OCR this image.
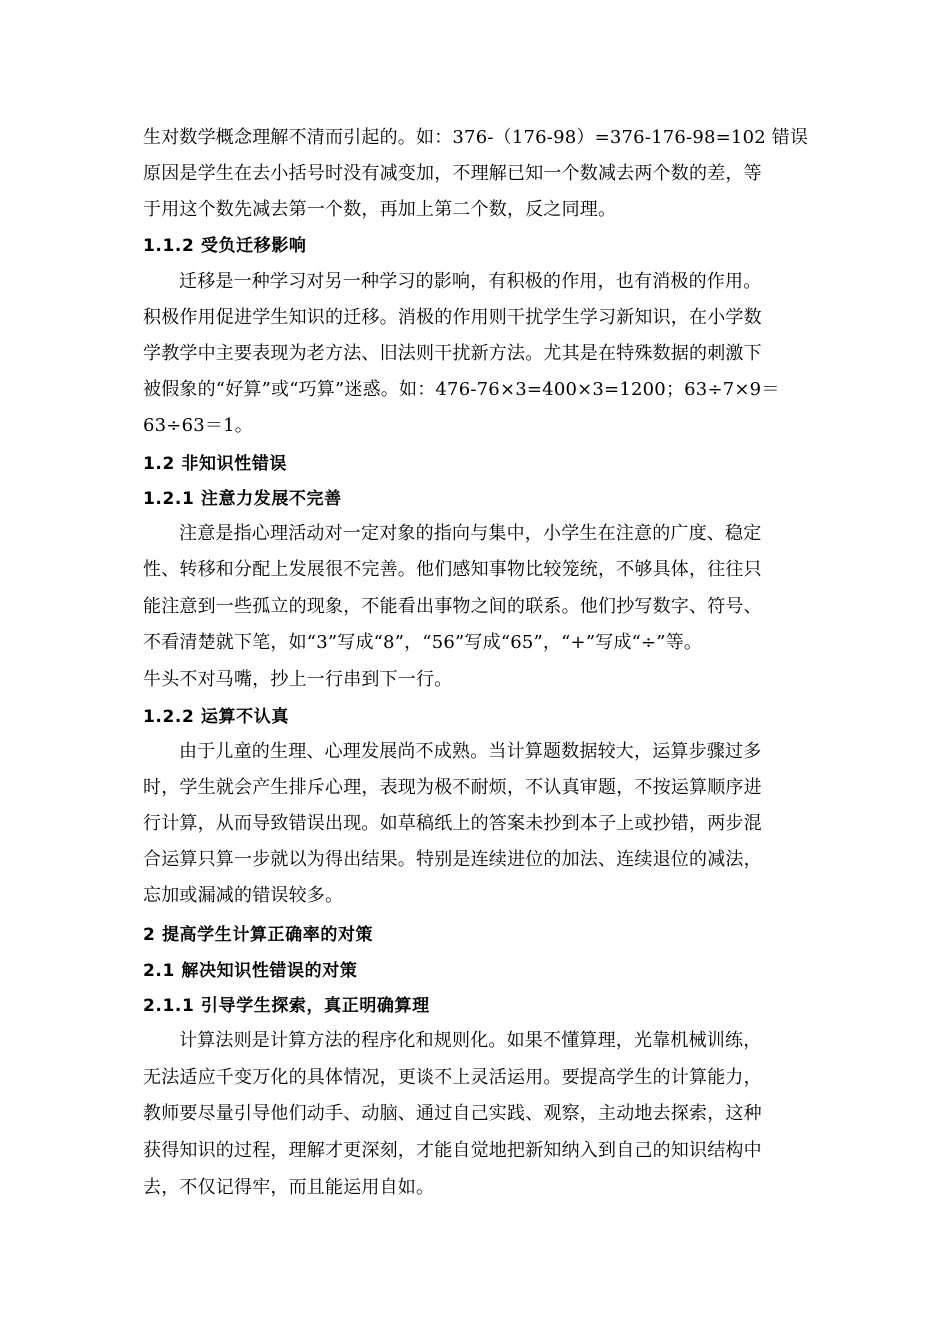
生对数学概念理解不清而引起的。如：376-（176-98）=376-176-98=102 错误
原因是学生在去小括号时没有减变加，不理解已知一个数减去两个数的差，等
于用这个数先减去第一个数，再加上第二个数，反之同理。
1.1.2 受负迁移影响
迁移是一种学习对另一种学习的影响，有积极的作用，也有消极的作用。
积极作用促进学生知识的迁移。消极的作用则干扰学生学习新知识，在小学数
学教学中主要表现为老方法、旧法则干扰新方法。尤其是在特殊数据的刺激下
被假象的“好算”或“巧算”迷惑。如：476-76×3=400×3=1200；63÷7×9＝
63÷63＝1。
1.2 非知识性错误
1.2.1 注意力发展不完善
注意是指心理活动对一定对象的指向与集中，小学生在注意的广度、稳定
性、转移和分配上发展很不完善。他们感知事物比较笼统，不够具体，往往只
能注意到一些孤立的现象，不能看出事物之间的联系。他们抄写数字、符号、
不看清楚就下笔，如“3”写成“8”，“56”写成“65”，“+”写成“÷”等。
牛头不对马嘴，抄上一行串到下一行。
1.2.2 运算不认真
由于儿童的生理、心理发展尚不成熟。当计算题数据较大，运算步骤过多
时，学生就会产生排斥心理，表现为极不耐烦，不认真审题，不按运算顺序进
行计算，从而导致错误出现。如草稿纸上的答案未抄到本子上或抄错，两步混
合运算只算一步就以为得出结果。特别是连续进位的加法、连续退位的减法，
忘加或漏减的错误较多。
2 提高学生计算正确率的对策
2.1 解决知识性错误的对策
2.1.1 引导学生探索，真正明确算理
计算法则是计算方法的程序化和规则化。如果不懂算理，光靠机械训练，
无法适应千变万化的具体情况，更谈不上灵活运用。要提高学生的计算能力，
教师要尽量引导他们动手、动脑、通过自己实践、观察，主动地去探索，这种
获得知识的过程，理解才更深刻，才能自觉地把新知纳入到自己的知识结构中
去，不仅记得牢，而且能运用自如。
